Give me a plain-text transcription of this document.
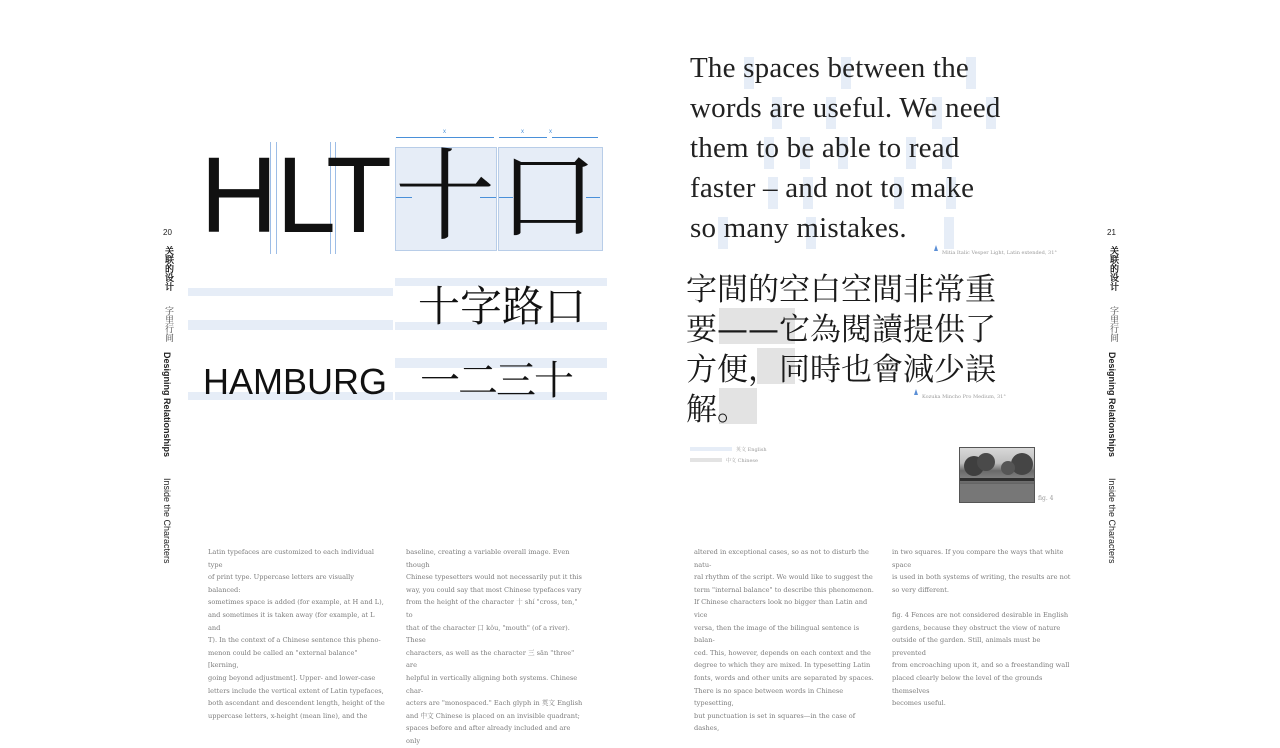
20
关联的设计
字里行间
Designing Relationships
Inside the Characters
x	x	x
HLT 十口
十字路口
HAMBURG 一二三十
Latin typefaces are customized to each individual type
of print type. Uppercase letters are visually balanced:
sometimes space is added (for example, at H and L),
and sometimes it is taken away (for example, at L and
T). In the context of a Chinese sentence this pheno-
menon could be called an "external balance" [kerning,
going beyond adjustment]. Upper- and lower-case
letters include the vertical extent of Latin typefaces,
both ascendant and descendent length, height of the
uppercase letters, x-height (mean line), and the
baseline, creating a variable overall image. Even though
Chinese typesetters would not necessarily put it this
way, you could say that most Chinese typefaces vary
from the height of the character 十 shí "cross, ten," to
that of the character 口 kǒu, "mouth" (of a river). These
characters, as well as the character 三 sān "three" are
helpful in vertically aligning both systems. Chinese char-
acters are "monospaced." Each glyph in 英文 English
and 中文 Chinese is placed on an invisible quadrant;
spaces before and after already included and are only
The spaces between the
words are useful. We need
them to be able to read
faster – and not to make
so many mistakes.
Mitia Italic Vesper Light, Latin extended, 31°
字間的空白空間非常重
要——它為閱讀提供了
方便，同時也會減少誤
解。	Kozuka Mincho Pro Medium, 31°
英文 English
中文 Chinese
fig. 4
altered in exceptional cases, so as not to disturb the natu-
ral rhythm of the script. We would like to suggest the
term "internal balance" to describe this phenomenon.
If Chinese characters look no bigger than Latin and vice
versa, then the image of the bilingual sentence is balan-
ced. This, however, depends on each context and the
degree to which they are mixed. In typesetting Latin
fonts, words and other units are separated by spaces.
There is no space between words in Chinese typesetting,
but punctuation is set in squares—in the case of dashes,
in two squares. If you compare the ways that white space
is used in both systems of writing, the results are not
so very different.

fig. 4 Fences are not considered desirable in English
gardens, because they obstruct the view of nature
outside of the garden. Still, animals must be prevented
from encroaching upon it, and so a freestanding wall
placed clearly below the level of the grounds themselves
becomes useful.
21
关联的设计
字里行间
Designing Relationships
Inside the Characters
